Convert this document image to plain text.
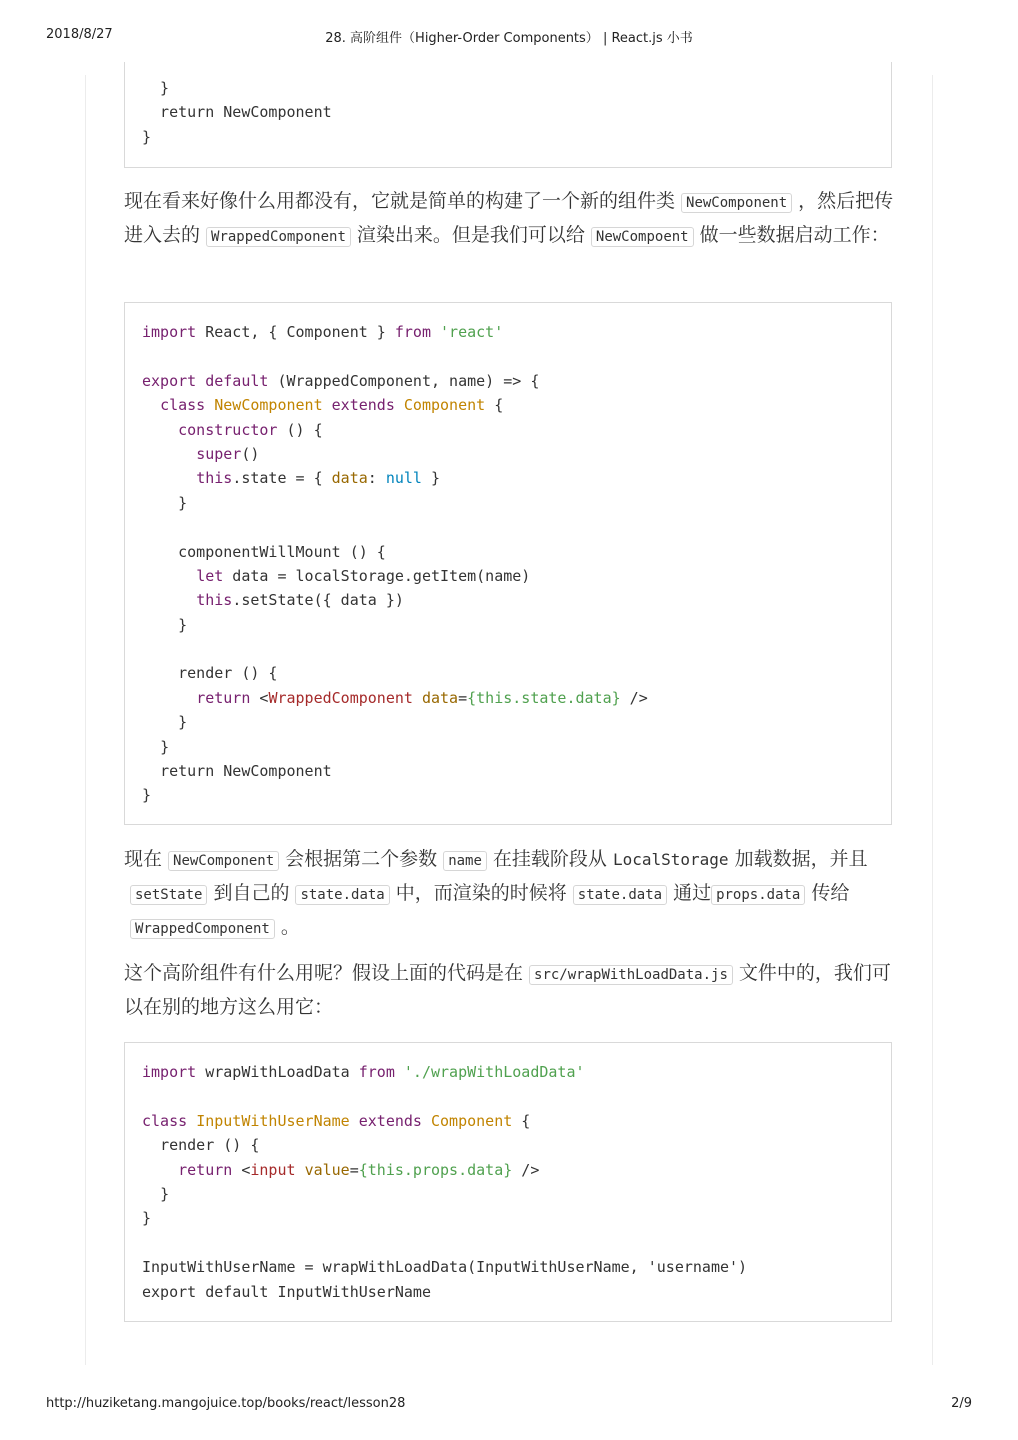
2018/8/27	28. 高阶组件（Higher-Order Components） | React.js 小书
}
return NewComponent
}
现在看来好像什么用都没有，它就是简单的构建了一个新的组件类 NewComponent ，然后把传进入去的 WrappedComponent 渲染出来。但是我们可以给 NewCompoent 做一些数据启动工作：
import React, { Component } from 'react'
export default (WrappedComponent, name) => {
class NewComponent extends Component {
constructor () {
super()
this.state = { data: null }
}
componentWillMount () {
let data = localStorage.getItem(name)
this.setState({ data })
}
render () {
return <WrappedComponent data={this.state.data} />
}
}
return NewComponent
}
现在 NewComponent 会根据第二个参数 name 在挂载阶段从 LocalStorage 加载数据，并且setState 到自己的 state.data 中，而渲染的时候将 state.data 通过 props.data 传给WrappedComponent 。
这个高阶组件有什么用呢？假设上面的代码是在 src/wrapWithLoadData.js 文件中的，我们可以在别的地方这么用它：
import wrapWithLoadData from './wrapWithLoadData'
class InputWithUserName extends Component {
render () {
return <input value={this.props.data} />
}
}
InputWithUserName = wrapWithLoadData(InputWithUserName, 'username')
export default InputWithUserName
http://huziketang.mangojuice.top/books/react/lesson28	2/9
